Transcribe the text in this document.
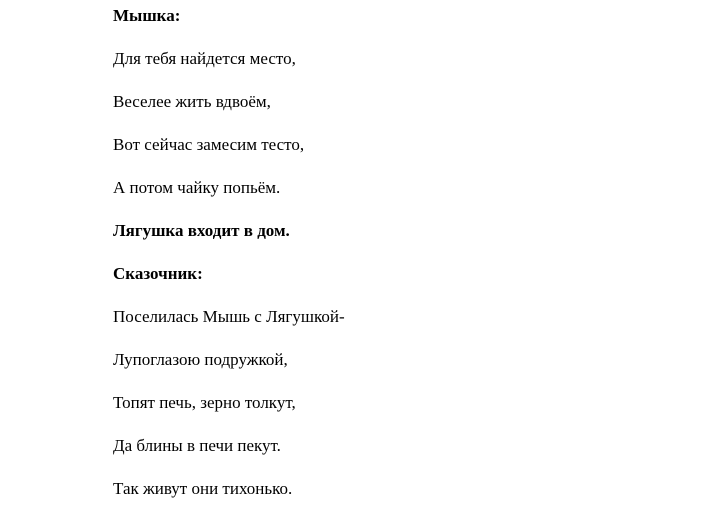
Мышка:
Для тебя найдется место,
Веселее жить вдвоём,
Вот сейчас замесим тесто,
А потом чайку попьём.
Лягушка входит в дом.
Сказочник:
Поселилась Мышь с Лягушкой-
Лупоглазою подружкой,
Топят печь, зерно толкут,
Да блины в печи пекут.
Так живут они тихонько.
